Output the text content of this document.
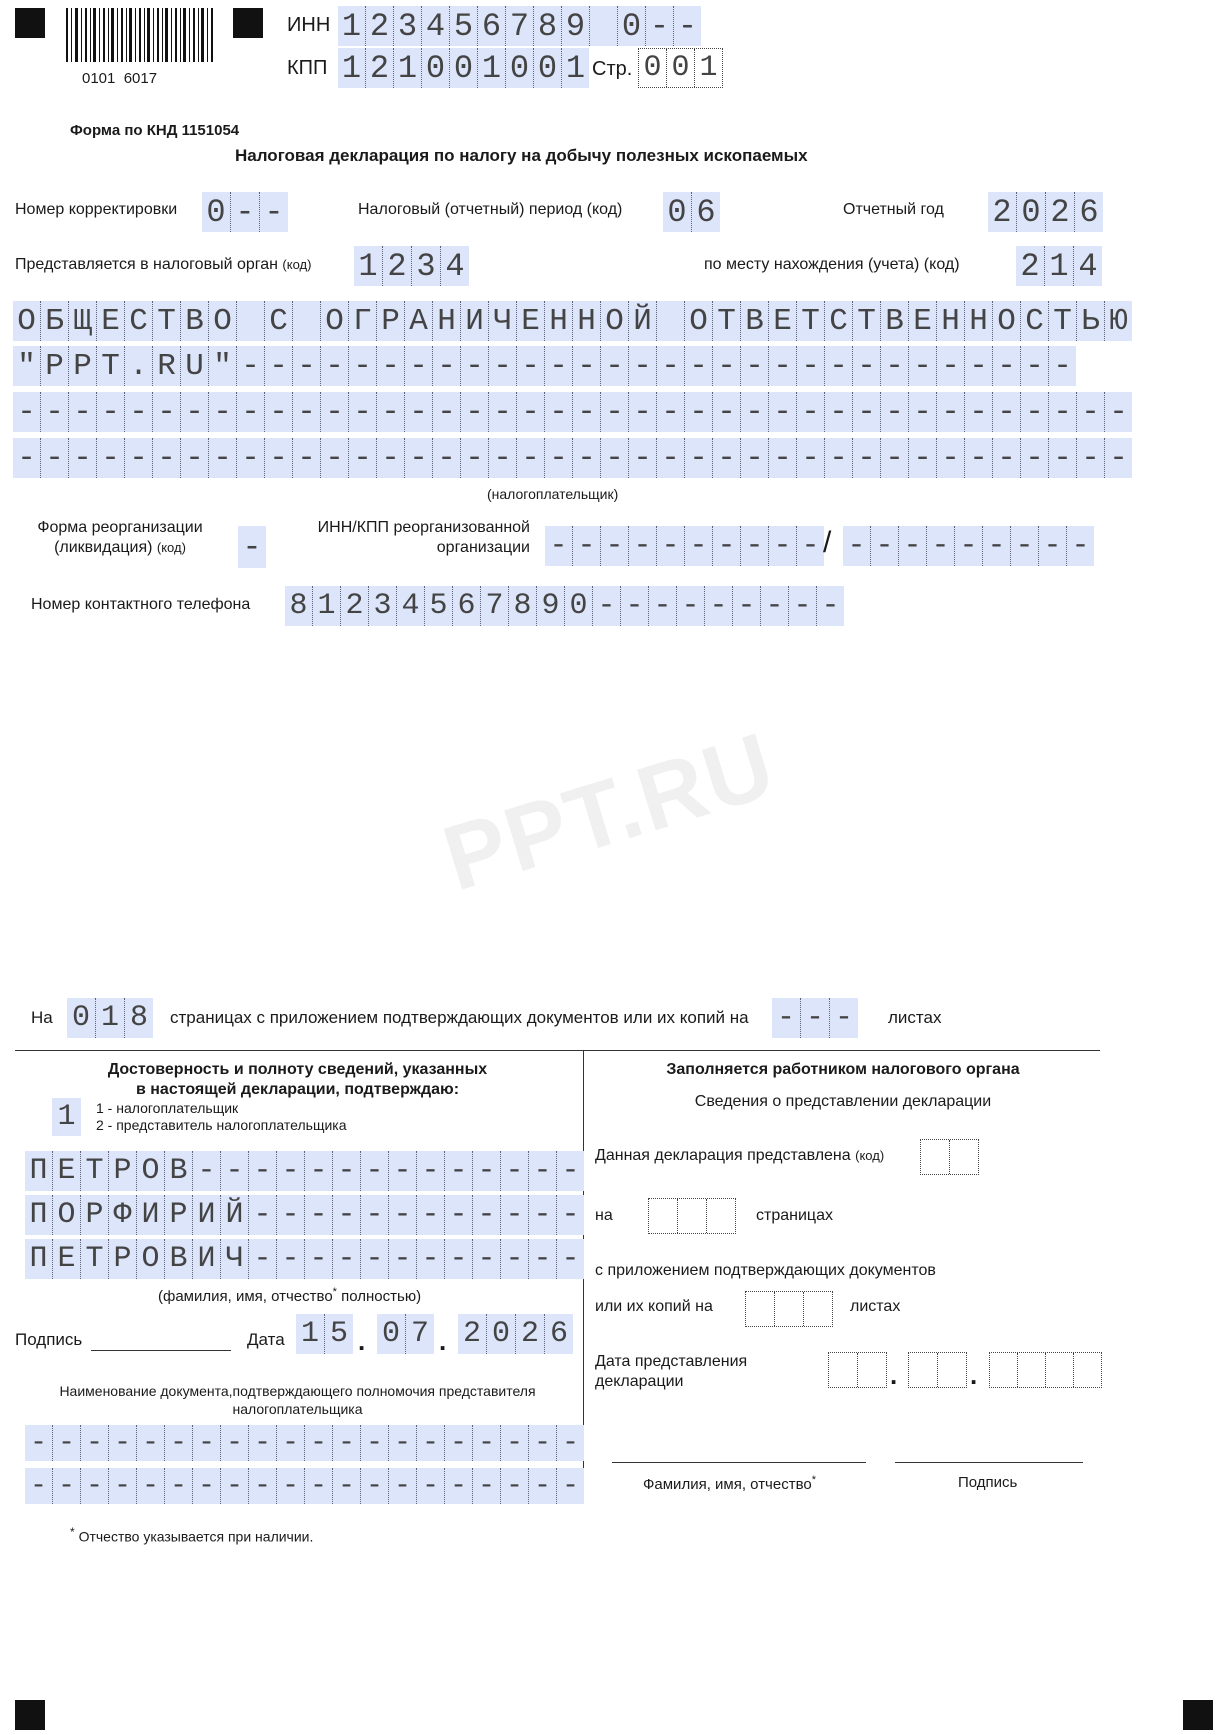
0101  6017
ИНН 1 2 3 4 5 6 7 8 9
0 - -
КПП 1 2 1 0 0 1 0 0 1 Стр. 0 0 1
Форма по КНД 1151054
Налоговая декларация по налогу на добычу полезных ископаемых
Номер корректировки 0 - -	Налоговый (отчетный) период (код) 0 6	Отчетный год 2 0 2 6
Представляется в налоговый орган (код) 1 2 3 4	по месту нахождения (учета) (код) 2 1 4
О Б Щ Е С Т В О
С
О Г Р А Н И Ч Е Н Н О Й
О Т В Е Т С Т В Е Н Н О С Т Ь Ю
" P P T . R U " - - - - - - - - - - - - - - - - - - - - - - - - - - - - - -
- - - - - - - - - - - - - - - - - - - - - - - - - - - - - - - - - - - - - - - -
- - - - - - - - - - - - - - - - - - - - - - - - - - - - - - - - - - - - - - - -
(налогоплательщик)
Форма реорганизации
(ликвидация) (код)	-
ИНН/КПП реорганизованной
организации - - - - - - - - - - / - - - - - - - - -
Номер контактного телефона 8 1 2 3 4 5 6 7 8 9 0 - - - - - - - - -
PPT.RU
На 0 1 8 страницах с приложением подтверждающих документов или их копий на - - - листах
Достоверность и полноту сведений, указанных
в настоящей декларации, подтверждаю:
1	1 - налогоплательщик
2 - представитель налогоплательщика
П Е Т Р О В - - - - - - - - - - - - - -
П О Р Ф И Р И Й - - - - - - - - - - - -
П Е Т Р О В И Ч - - - - - - - - - - - -
(фамилия, имя, отчество* полностью)
Подпись	Дата 1 5 . 0 7 . 2 0 2 6
Наименование документа,подтверждающего полномочия представителя
налогоплательщика
- - - - - - - - - - - - - - - - - - - -
- - - - - - - - - - - - - - - - - - - -
Заполняется работником налогового органа
Сведения о представлении декларации
Данная декларация представлена (код)
на	страницах
с приложением подтверждающих документов
или их копий на	листах
Дата представления
декларации	.	.
Фамилия, имя, отчество*	Подпись
* Отчество указывается при наличии.
